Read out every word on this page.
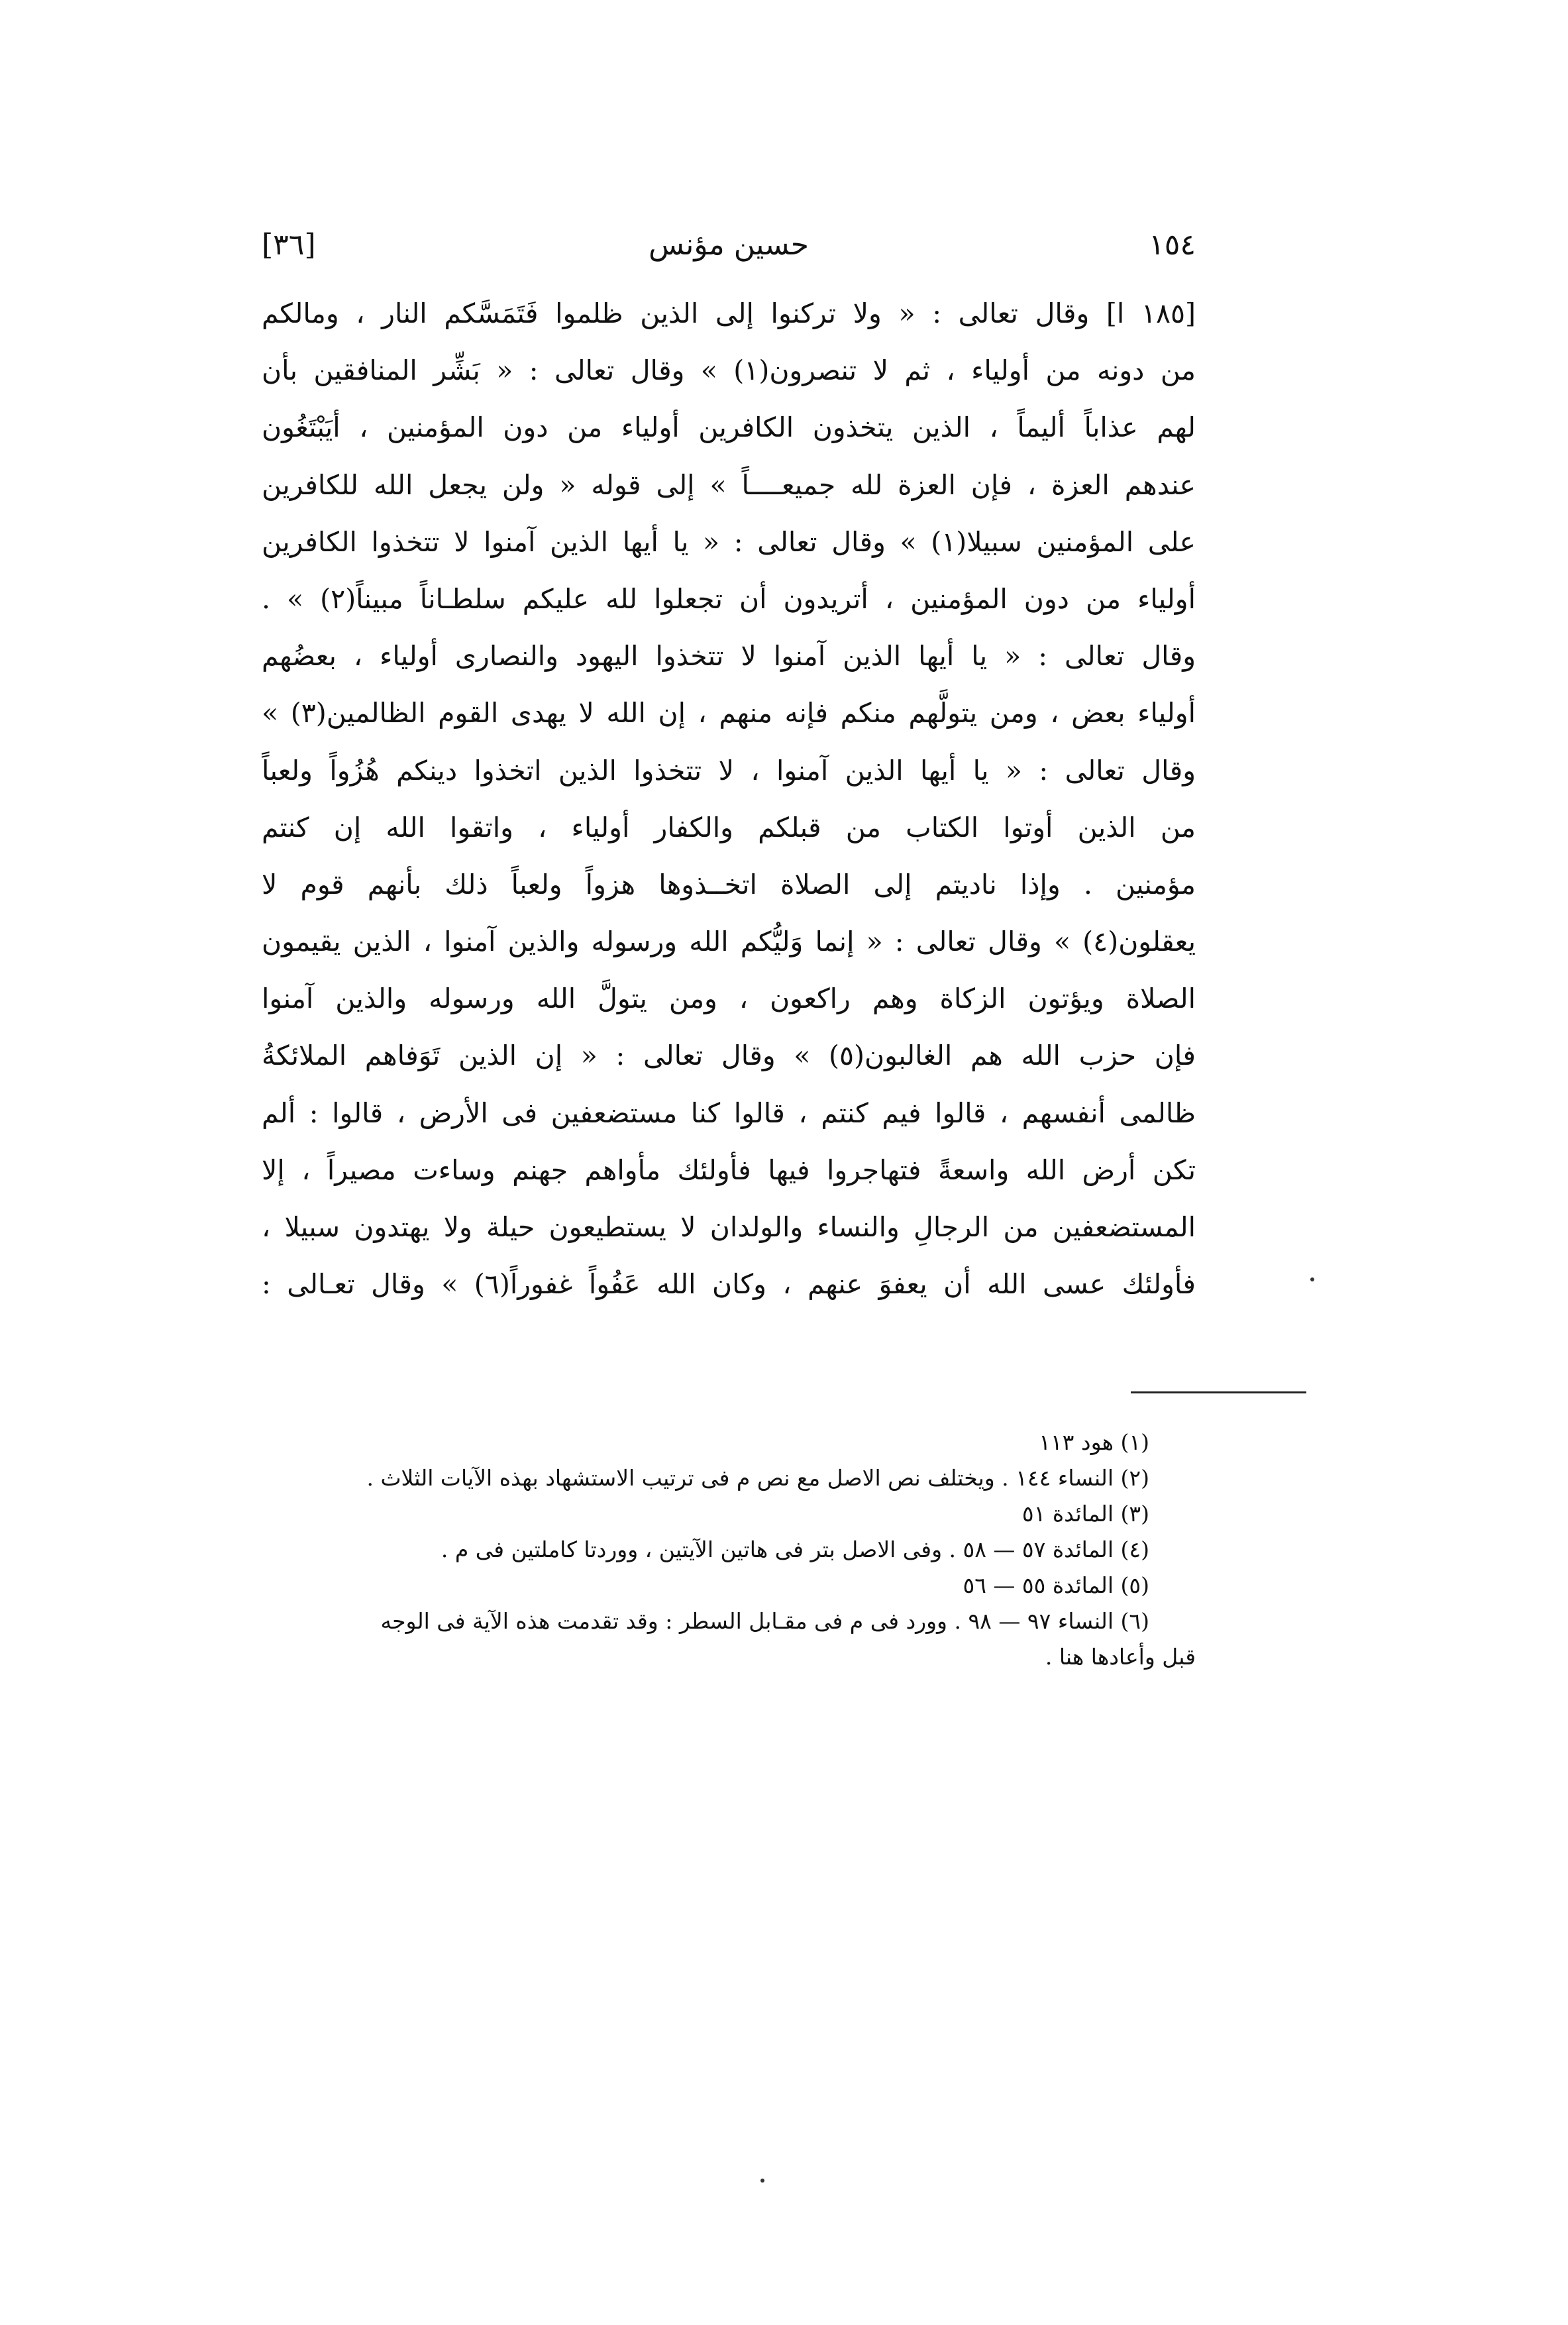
١٥٤
حسين مؤنس
[٣٦]
[١٨٥ ا] وقال تعالى : « ولا تركنوا إلى الذين ظلموا فَتَمَسَّكم النار ، ومالكم
من دونه من أولياء ، ثم لا تنصرون(١) » وقال تعالى : « بَشِّر المنافقين بأن
لهم عذاباً أليماً ، الذين يتخذون الكافرين أولياء من دون المؤمنين ، أيَبْتَغُون
عندهم العزة ، فإن العزة لله جميعــــاً » إلى قوله « ولن يجعل الله للكافرين
على المؤمنين سبيلا(١) » وقال تعالى : « يا أيها الذين آمنوا لا تتخذوا الكافرين
أولياء من دون المؤمنين ، أتريدون أن تجعلوا لله عليكم سلطـاناً مبيناً(٢) » .
وقال تعالى : « يا أيها الذين آمنوا لا تتخذوا اليهود والنصارى أولياء ، بعضُهم
أولياء بعض ، ومن يتولَّهم منكم فإنه منهم ، إن الله لا يهدى القوم الظالمين(٣) »
وقال تعالى : « يا أيها الذين آمنوا ، لا تتخذوا الذين اتخذوا دينكم هُزُواً ولعباً
من الذين أوتوا الكتاب من قبلكم والكفار أولياء ، واتقوا الله إن كنتم
مؤمنين . وإذا ناديتم إلى الصلاة اتخــذوها هزواً ولعباً ذلك بأنهم قوم لا
يعقلون(٤) » وقال تعالى : « إنما وَليُّكم الله ورسوله والذين آمنوا ، الذين يقيمون
الصلاة ويؤتون الزكاة وهم راكعون ، ومن يتولَّ الله ورسوله والذين آمنوا
فإن حزب الله هم الغالبون(٥) » وقال تعالى : « إن الذين تَوَفاهم الملائكةُ
ظالمى أنفسهم ، قالوا فيم كنتم ، قالوا كنا مستضعفين فى الأرض ، قالوا : ألم
تكن أرض الله واسعةً فتهاجروا فيها فأولئك مأواهم جهنم وساءت مصيراً ، إلا
المستضعفين من الرجالِ والنساء والولدان لا يستطيعون حيلة ولا يهتدون سبيلا ،
فأولئك عسى الله أن يعفوَ عنهم ، وكان الله عَفُواً غفوراً(٦) » وقال تعـالى :
(١) هود ١١٣
(٢) النساء ١٤٤ . ويختلف نص الاصل مع نص م فى ترتيب الاستشهاد بهذه الآيات الثلاث .
(٣) المائدة ٥١
(٤) المائدة ٥٧ — ٥٨ . وفى الاصل بتر فى هاتين الآيتين ، ووردتا كاملتين فى م .
(٥) المائدة ٥٥ — ٥٦
(٦) النساء ٩٧ — ٩٨ . وورد فى م فى مقـابل السطر : وقد تقدمت هذه الآية فى الوجه
قبل وأعادها هنا .
